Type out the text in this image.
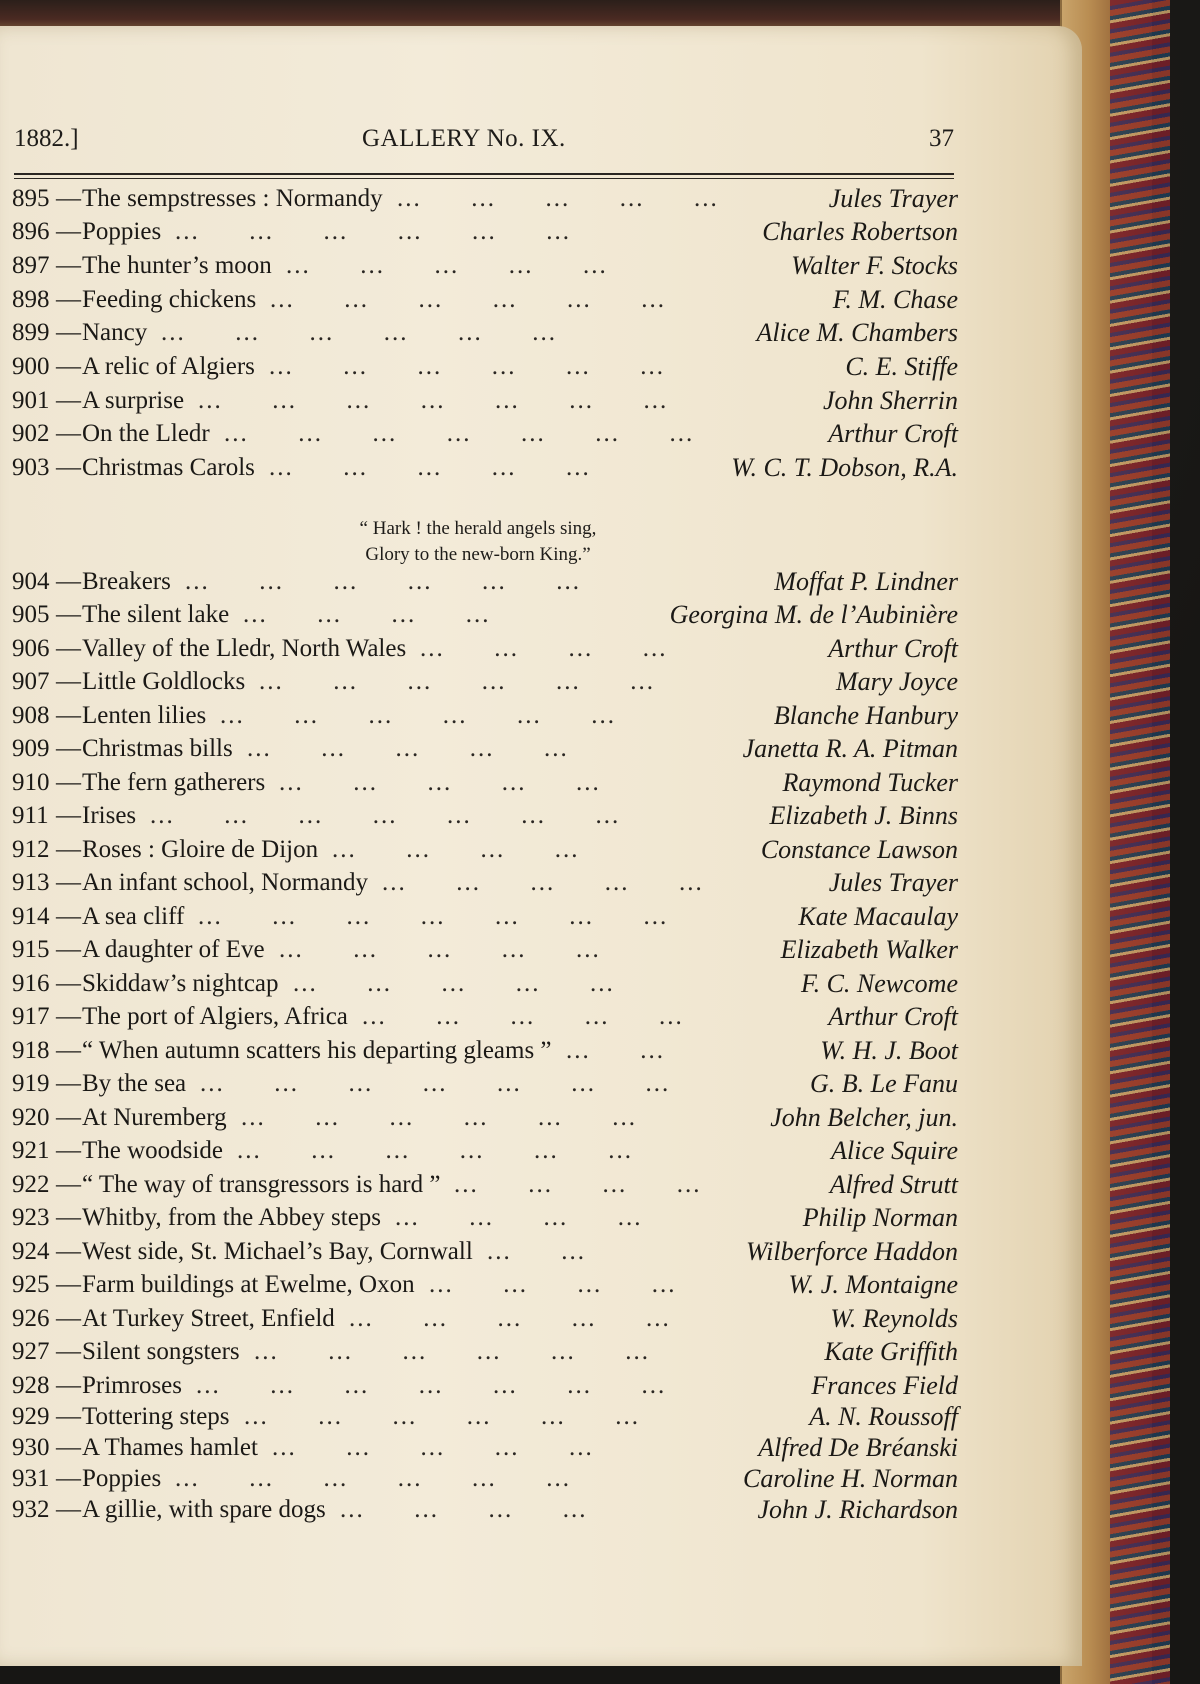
1882.]	GALLERY No. IX.	37
895 — The sempstresses : Normandy	Jules Trayer
...      ...      ...      ...      ...
896 — Poppies	Charles Robertson
...      ...      ...      ...      ...      ...
897 — The hunter’s moon	Walter F. Stocks
...      ...      ...      ...      ...
898 — Feeding chickens	F. M. Chase
...      ...      ...      ...      ...      ...
899 — Nancy	Alice M. Chambers
...      ...      ...      ...      ...      ...
900 — A relic of Algiers	C. E. Stiffe
...      ...      ...      ...      ...      ...
901 — A surprise	John Sherrin
...      ...      ...      ...      ...      ...      ...
902 — On the Lledr	Arthur Croft
...      ...      ...      ...      ...      ...      ...
903 — Christmas Carols	W. C. T. Dobson, R.A.
...      ...      ...      ...      ...
904 — Breakers	Moffat P. Lindner
...      ...      ...      ...      ...      ...
905 — The silent lake	Georgina M. de l’Aubinière
...      ...      ...      ...
906 — Valley of the Lledr, North Wales	Arthur Croft
...      ...      ...      ...
907 — Little Goldlocks	Mary Joyce
...      ...      ...      ...      ...      ...
908 — Lenten lilies	Blanche Hanbury
...      ...      ...      ...      ...      ...
909 — Christmas bills	Janetta R. A. Pitman
...      ...      ...      ...      ...
910 — The fern gatherers	Raymond Tucker
...      ...      ...      ...      ...
911 — Irises	Elizabeth J. Binns
...      ...      ...      ...      ...      ...      ...
912 — Roses : Gloire de Dijon	Constance Lawson
...      ...      ...      ...
913 — An infant school, Normandy	Jules Trayer
...      ...      ...      ...      ...
914 — A sea cliff	Kate Macaulay
...      ...      ...      ...      ...      ...      ...
915 — A daughter of Eve	Elizabeth Walker
...      ...      ...      ...      ...
916 — Skiddaw’s nightcap	F. C. Newcome
...      ...      ...      ...      ...
917 — The port of Algiers, Africa	Arthur Croft
...      ...      ...      ...      ...
918 — “ When autumn scatters his departing gleams ”	W. H. J. Boot
...      ...
919 — By the sea	G. B. Le Fanu
...      ...      ...      ...      ...      ...      ...
920 — At Nuremberg	John Belcher, jun.
...      ...      ...      ...      ...      ...
921 — The woodside	Alice Squire
...      ...      ...      ...      ...      ...
922 — “ The way of transgressors is hard ”	Alfred Strutt
...      ...      ...      ...
923 — Whitby, from the Abbey steps	Philip Norman
...      ...      ...      ...
924 — West side, St. Michael’s Bay, Cornwall	Wilberforce Haddon
...      ...
925 — Farm buildings at Ewelme, Oxon	W. J. Montaigne
...      ...      ...      ...
926 — At Turkey Street, Enfield	W. Reynolds
...      ...      ...      ...      ...
927 — Silent songsters	Kate Griffith
...      ...      ...      ...      ...      ...
928 — Primroses	Frances Field
...      ...      ...      ...      ...      ...      ...
929 — Tottering steps	A. N. Roussoff
...      ...      ...      ...      ...      ...
930 — A Thames hamlet	Alfred De Bréanski
...      ...      ...      ...      ...
931 — Poppies	Caroline H. Norman
...      ...      ...      ...      ...      ...
932 — A gillie, with spare dogs	John J. Richardson
...      ...      ...      ...
“ Hark ! the herald angels sing,
Glory to the new-born King.”
